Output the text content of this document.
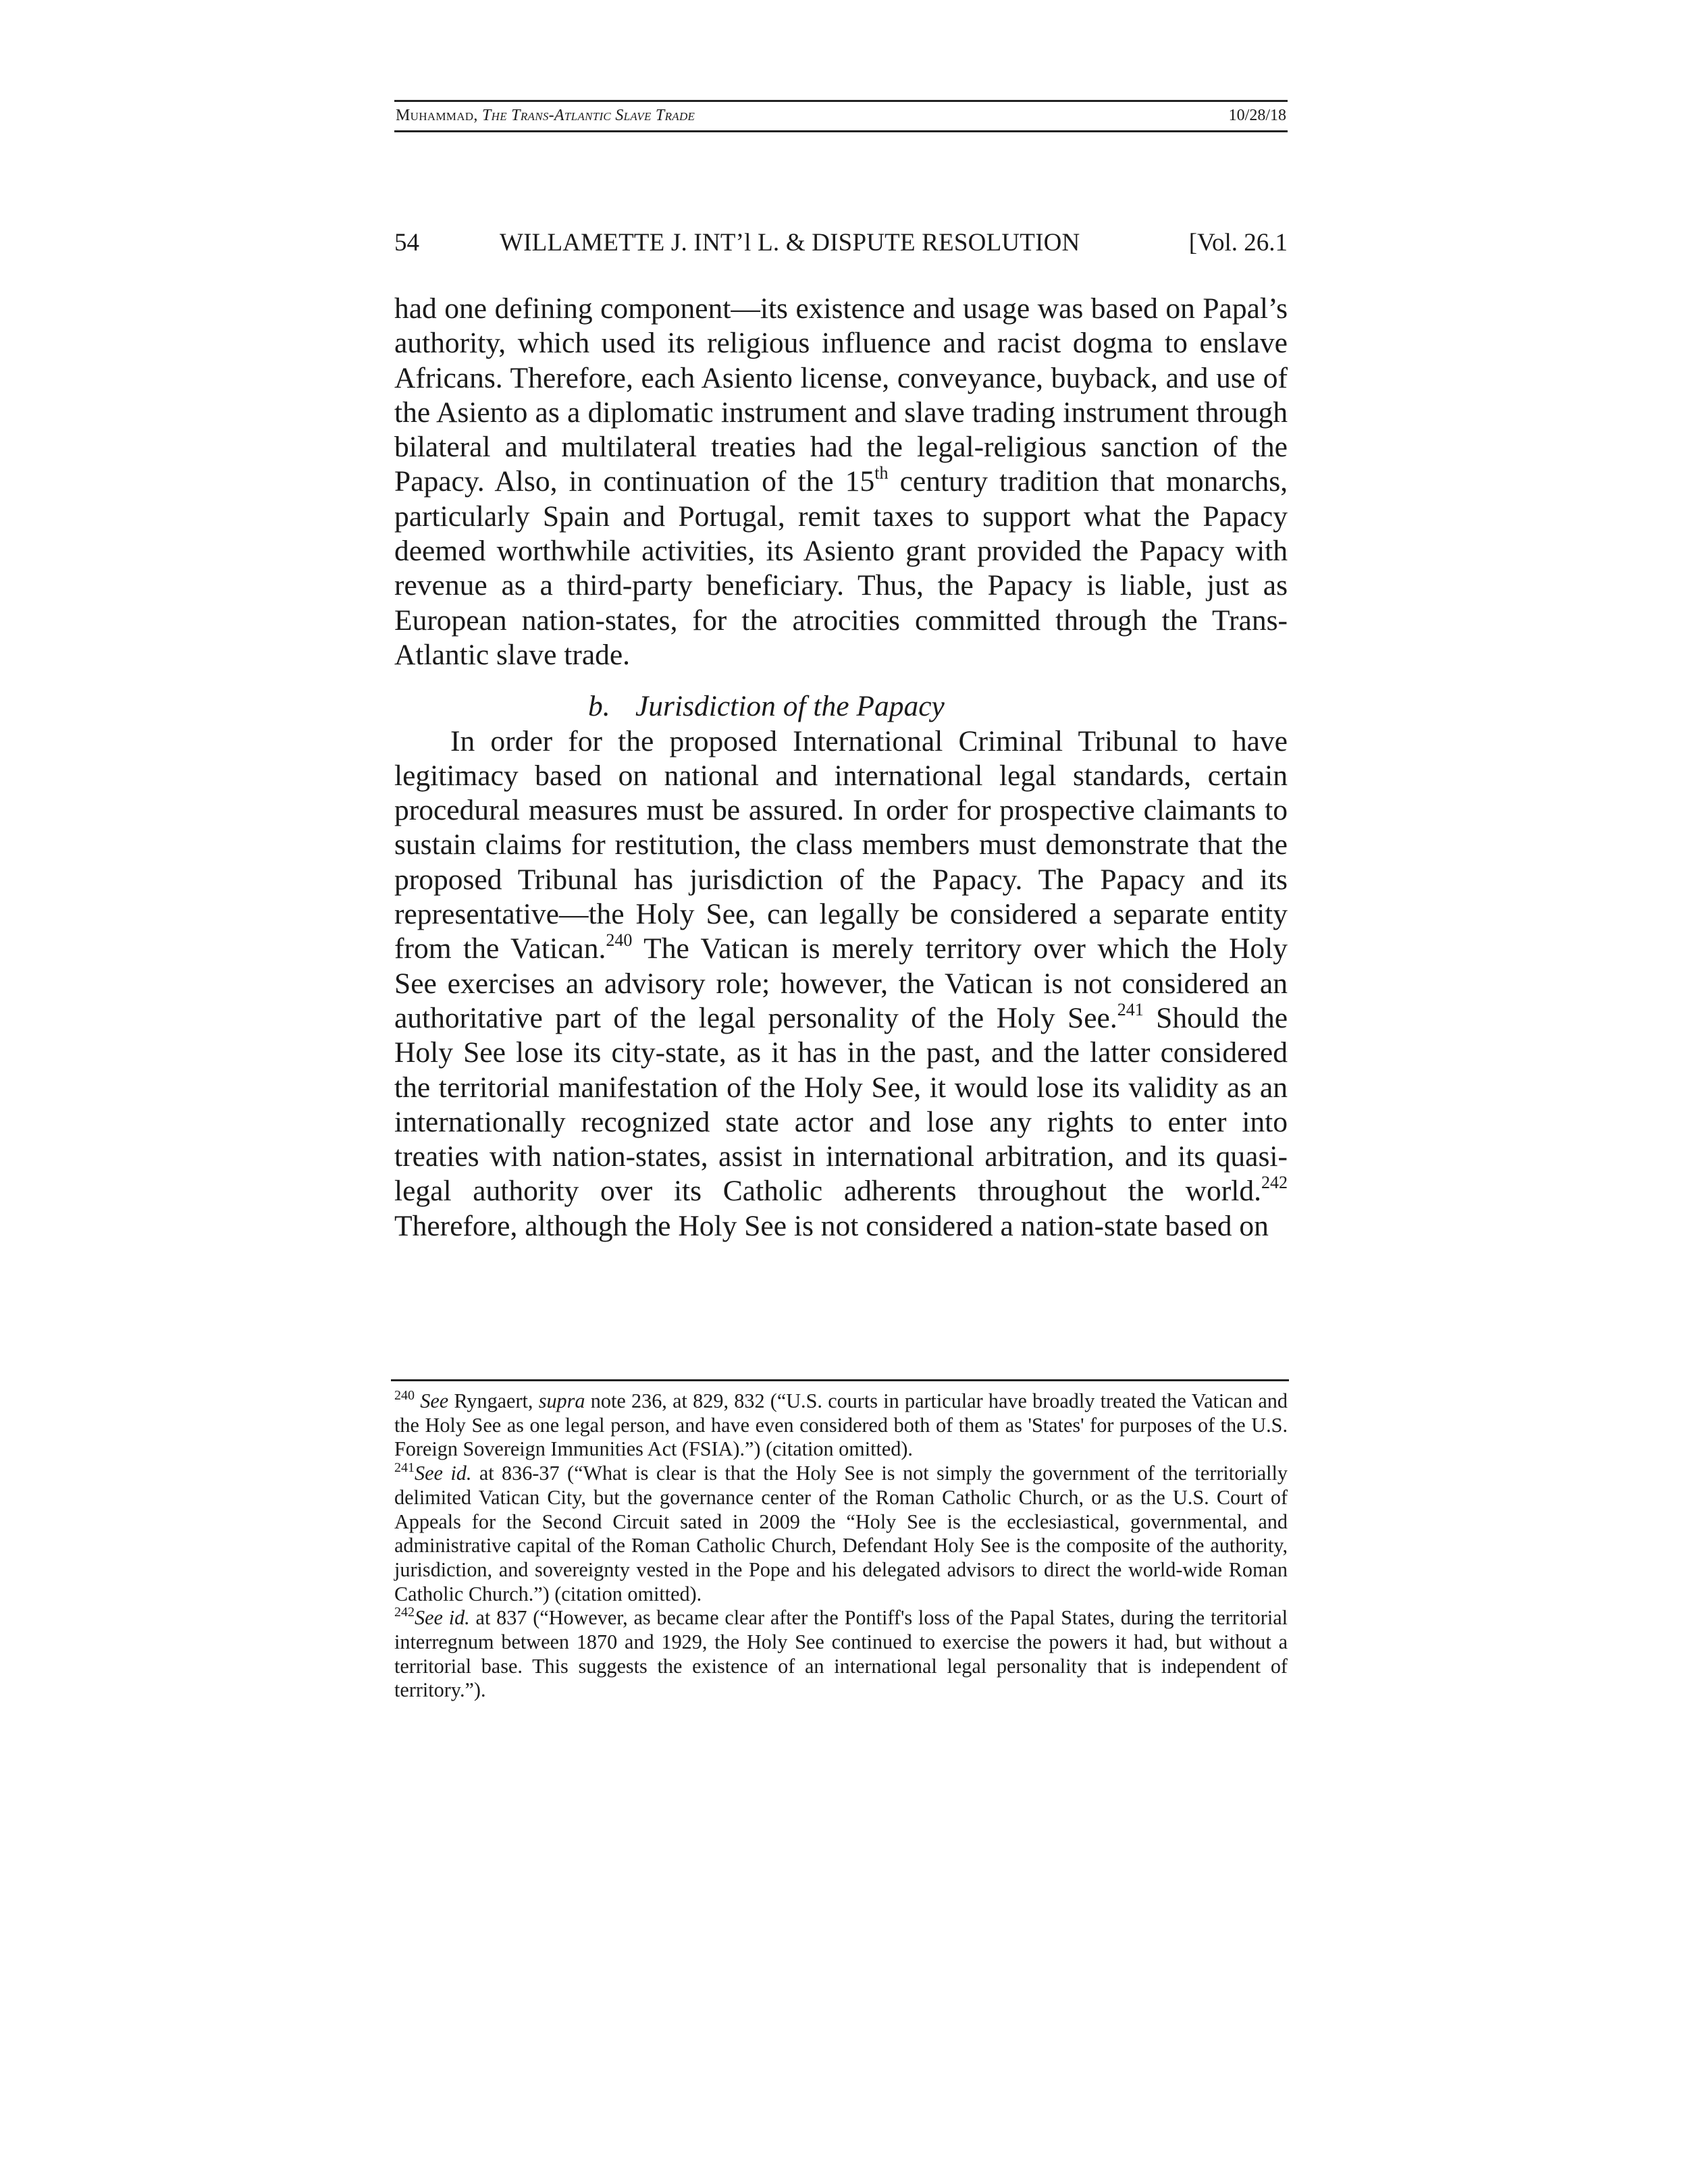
Muhammad, The Trans-Atlantic Slave Trade	10/28/18
54	WILLAMETTE J. INT’l L. & DISPUTE RESOLUTION	[Vol. 26.1

had one defining component—its existence and usage was based on Papal’s authority, which used its religious influence and racist dogma to enslave Africans. Therefore, each Asiento license, conveyance, buyback, and use of the Asiento as a diplomatic instrument and slave trading instrument through bilateral and multilateral treaties had the legal-religious sanction of the Papacy. Also, in continuation of the 15th century tradition that monarchs, particularly Spain and Portugal, remit taxes to support what the Papacy deemed worthwhile activities, its Asiento grant provided the Papacy with revenue as a third-party beneficiary. Thus, the Papacy is liable, just as European nation-states, for the atrocities committed through the Trans-Atlantic slave trade.

b. Jurisdiction of the Papacy

In order for the proposed International Criminal Tribunal to have legitimacy based on national and international legal standards, certain procedural measures must be assured. In order for prospective claimants to sustain claims for restitution, the class members must demonstrate that the proposed Tribunal has jurisdiction of the Papacy. The Papacy and its representative—the Holy See, can legally be considered a separate entity from the Vatican.$^{240}$ The Vatican is merely territory over which the Holy See exercises an advisory role; however, the Vatican is not considered an authoritative part of the legal personality of the Holy See.$^{241}$ Should the Holy See lose its city-state, as it has in the past, and the latter considered the territorial manifestation of the Holy See, it would lose its validity as an internationally recognized state actor and lose any rights to enter into treaties with nation-states, assist in international arbitration, and its quasi-legal authority over its Catholic adherents throughout the world.$^{242}$ Therefore, although the Holy See is not considered a nation-state based on

$^{240}$ See Ryngaert, supra note 236, at 829, 832 (“U.S. courts in particular have broadly treated the Vatican and the Holy See as one legal person, and have even considered both of them as 'States' for purposes of the U.S. Foreign Sovereign Immunities Act (FSIA).”) (citation omitted).

$^{241}$See id. at 836-37 (“What is clear is that the Holy See is not simply the government of the territorially delimited Vatican City, but the governance center of the Roman Catholic Church, or as the U.S. Court of Appeals for the Second Circuit sated in 2009 the “Holy See is the ecclesiastical, governmental, and administrative capital of the Roman Catholic Church, Defendant Holy See is the composite of the authority, jurisdiction, and sovereignty vested in the Pope and his delegated advisors to direct the world-wide Roman Catholic Church.”) (citation omitted).

$^{242}$See id. at 837 (“However, as became clear after the Pontiff's loss of the Papal States, during the territorial interregnum between 1870 and 1929, the Holy See continued to exercise the powers it had, but without a territorial base. This suggests the existence of an international legal personality that is independent of territory.”).
